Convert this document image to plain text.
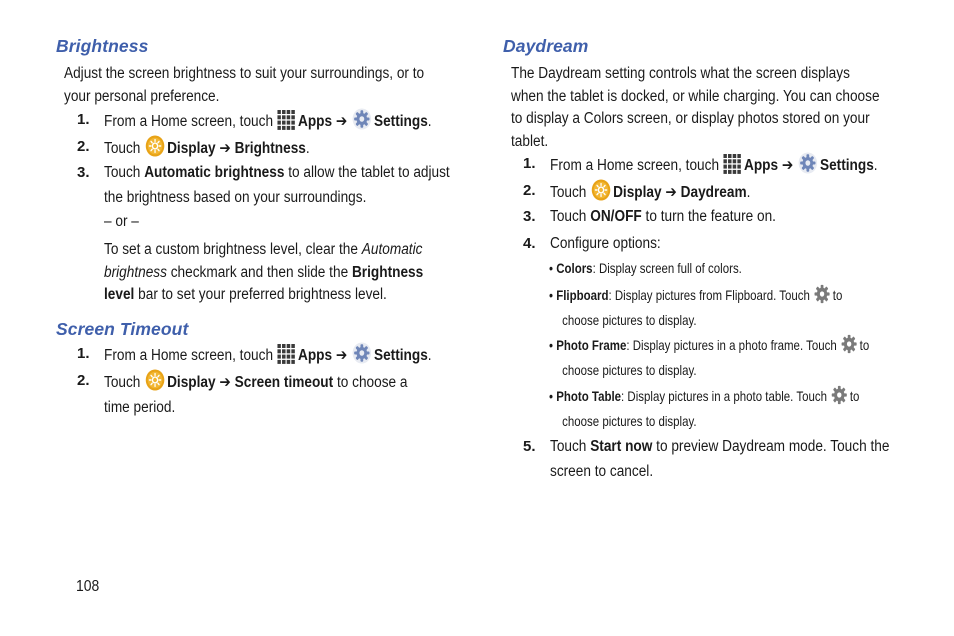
Brightness

Adjust the screen brightness to suit your surroundings, or to
your personal preference.

1. From a Home screen, touch Apps ➔ Settings.
2. Touch Display ➔ Brightness.
3. Touch Automatic brightness to allow the tablet to adjust
the brightness based on your surroundings.
– or –

To set a custom brightness level, clear the Automatic
brightness checkmark and then slide the Brightness
level bar to set your preferred brightness level.

Screen Timeout
1. From a Home screen, touch Apps ➔ Settings.
2. Touch Display ➔ Screen timeout to choose a
time period.
Daydream

The Daydream setting controls what the screen displays
when the tablet is docked, or while charging. You can choose
to display a Colors screen, or display photos stored on your
tablet.

1. From a Home screen, touch Apps ➔ Settings.
2. Touch Display ➔ Daydream.
3. Touch ON/OFF to turn the feature on.
4. Configure options:
• Colors: Display screen full of colors.
• Flipboard: Display pictures from Flipboard. Touch to
choose pictures to display.
• Photo Frame: Display pictures in a photo frame. Touch to
choose pictures to display.
• Photo Table: Display pictures in a photo table. Touch to
choose pictures to display.
5. Touch Start now to preview Daydream mode. Touch the
screen to cancel.
108
